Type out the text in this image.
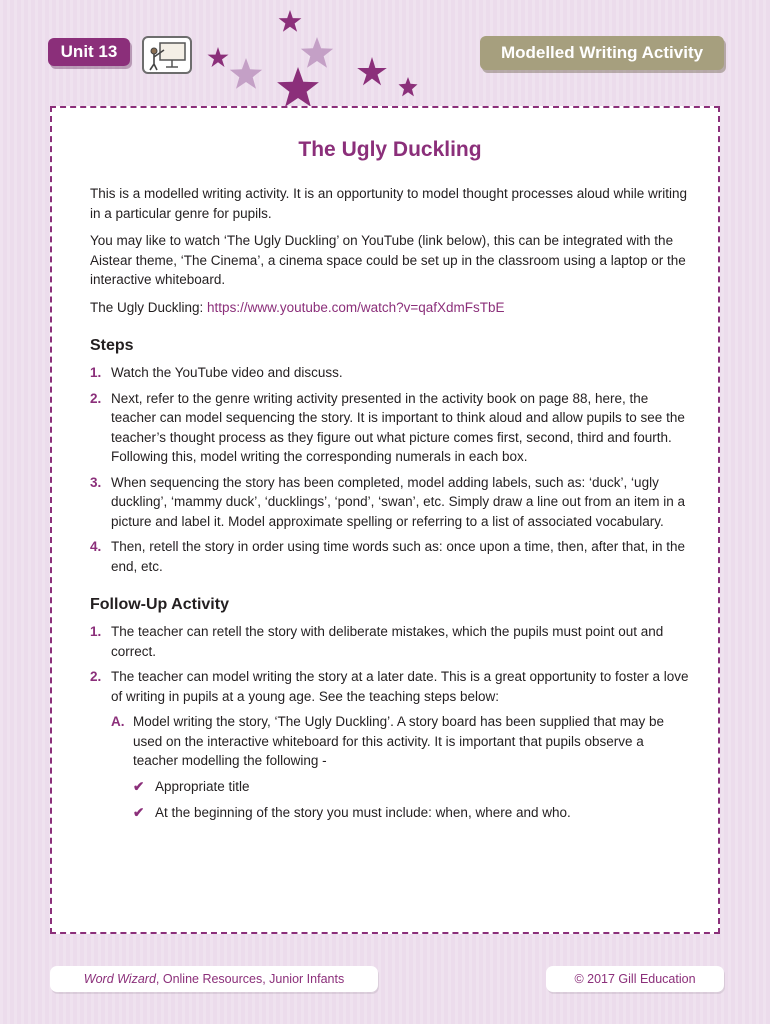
Unit 13	Modelled Writing Activity
The Ugly Duckling

This is a modelled writing activity. It is an opportunity to model thought processes aloud while writing in a particular genre for pupils.

You may like to watch ‘The Ugly Duckling’ on YouTube (link below), this can be integrated with the Aistear theme, ‘The Cinema’, a cinema space could be set up in the classroom using a laptop or the interactive whiteboard.

The Ugly Duckling: https://www.youtube.com/watch?v=qafXdmFsTbE

Steps
1. Watch the YouTube video and discuss.
2. Next, refer to the genre writing activity presented in the activity book on page 88, here, the teacher can model sequencing the story. It is important to think aloud and allow pupils to see the teacher’s thought process as they figure out what picture comes first, second, third and fourth. Following this, model writing the corresponding numerals in each box.
3. When sequencing the story has been completed, model adding labels, such as: ‘duck’, ‘ugly duckling’, ‘mammy duck’, ‘ducklings’, ‘pond’, ‘swan’, etc. Simply draw a line out from an item in a picture and label it. Model approximate spelling or referring to a list of associated vocabulary.
4. Then, retell the story in order using time words such as: once upon a time, then, after that, in the end, etc.
Follow-Up Activity
1. The teacher can retell the story with deliberate mistakes, which the pupils must point out and correct.
2. The teacher can model writing the story at a later date. This is a great opportunity to foster a love of writing in pupils at a young age. See the teaching steps below:
A. Model writing the story, ‘The Ugly Duckling’. A story board has been supplied that may be used on the interactive whiteboard for this activity. It is important that pupils observe a teacher modelling the following -
✔ Appropriate title
✔ At the beginning of the story you must include: when, where and who.
Word Wizard, Online Resources, Junior Infants	© 2017 Gill Education
